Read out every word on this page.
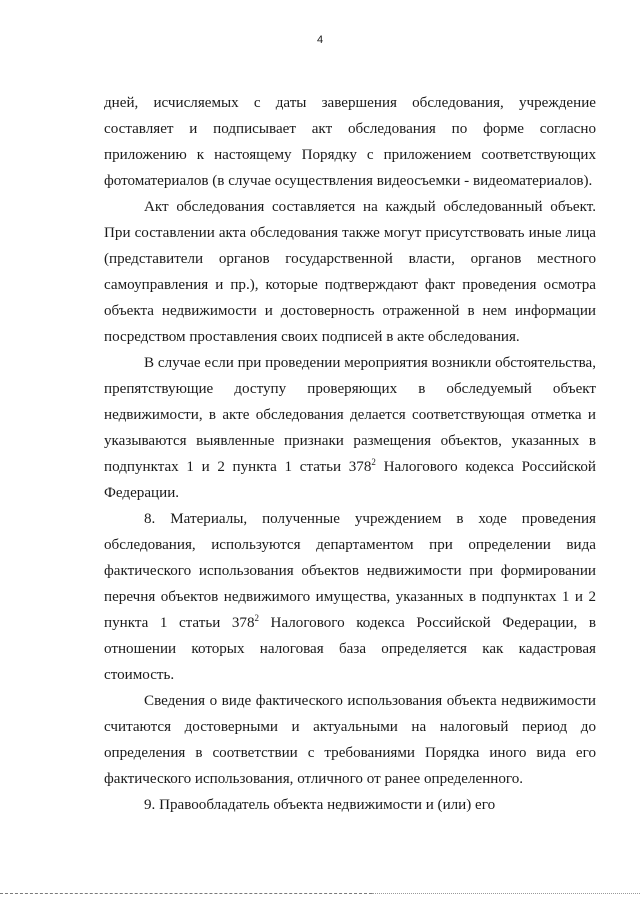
4

дней, исчисляемых с даты завершения обследования, учреждение составляет и подписывает акт обследования по форме согласно приложению к настоящему Порядку с приложением соответствующих фотоматериалов (в случае осуществления видеосъемки - видеоматериалов).

Акт обследования составляется на каждый обследованный объект. При составлении акта обследования также могут присутствовать иные лица (представители органов государственной власти, органов местного самоуправления и пр.), которые подтверждают факт проведения осмотра объекта недвижимости и достоверность отраженной в нем информации посредством проставления своих подписей в акте обследования.

В случае если при проведении мероприятия возникли обстоятельства, препятствующие доступу проверяющих в обследуемый объект недвижимости, в акте обследования делается соответствующая отметка и указываются выявленные признаки размещения объектов, указанных в подпунктах 1 и 2 пункта 1 статьи $378^2$ Налогового кодекса Российской Федерации.

8. Материалы, полученные учреждением в ходе проведения обследования, используются департаментом при определении вида фактического использования объектов недвижимости при формировании перечня объектов недвижимого имущества, указанных в подпунктах 1 и 2 пункта 1 статьи $378^2$ Налогового кодекса Российской Федерации, в отношении которых налоговая база определяется как кадастровая стоимость.

Сведения о виде фактического использования объекта недвижимости считаются достоверными и актуальными на налоговый период до определения в соответствии с требованиями Порядка иного вида его фактического использования, отличного от ранее определенного.

9. Правообладатель объекта недвижимости и (или) его
